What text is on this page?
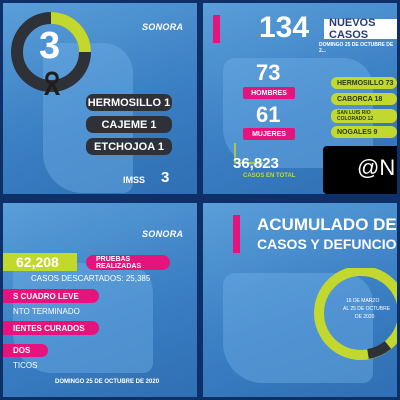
3	SONORA
HERMOSILLO 1
CAJEME 1
ETCHOJOA 1
IMSS 3
134	NUEVOS CASOS
DOMINGO 25 DE OCTUBRE DE 2...
73
HOMBRES
61
MUJERES
36,823
CASOS EN TOTAL
HERMOSILLO 73
CABORCA 18
SAN LUIS RIO COLORADO 12
NOGALES 9
@N
SONORA
62,208	PRUEBAS REALIZADAS
CASOS DESCARTADOS: 25,385
S CUADRO LEVE
NTO TERMINADO
IENTES CURADOS
DOS
TICOS
DOMINGO 25 DE OCTUBRE DE 2020
ACUMULADO DE
CASOS Y DEFUNCIO
16 DE MARZO
AL 25 DE OCTUBRE
DE 2020
